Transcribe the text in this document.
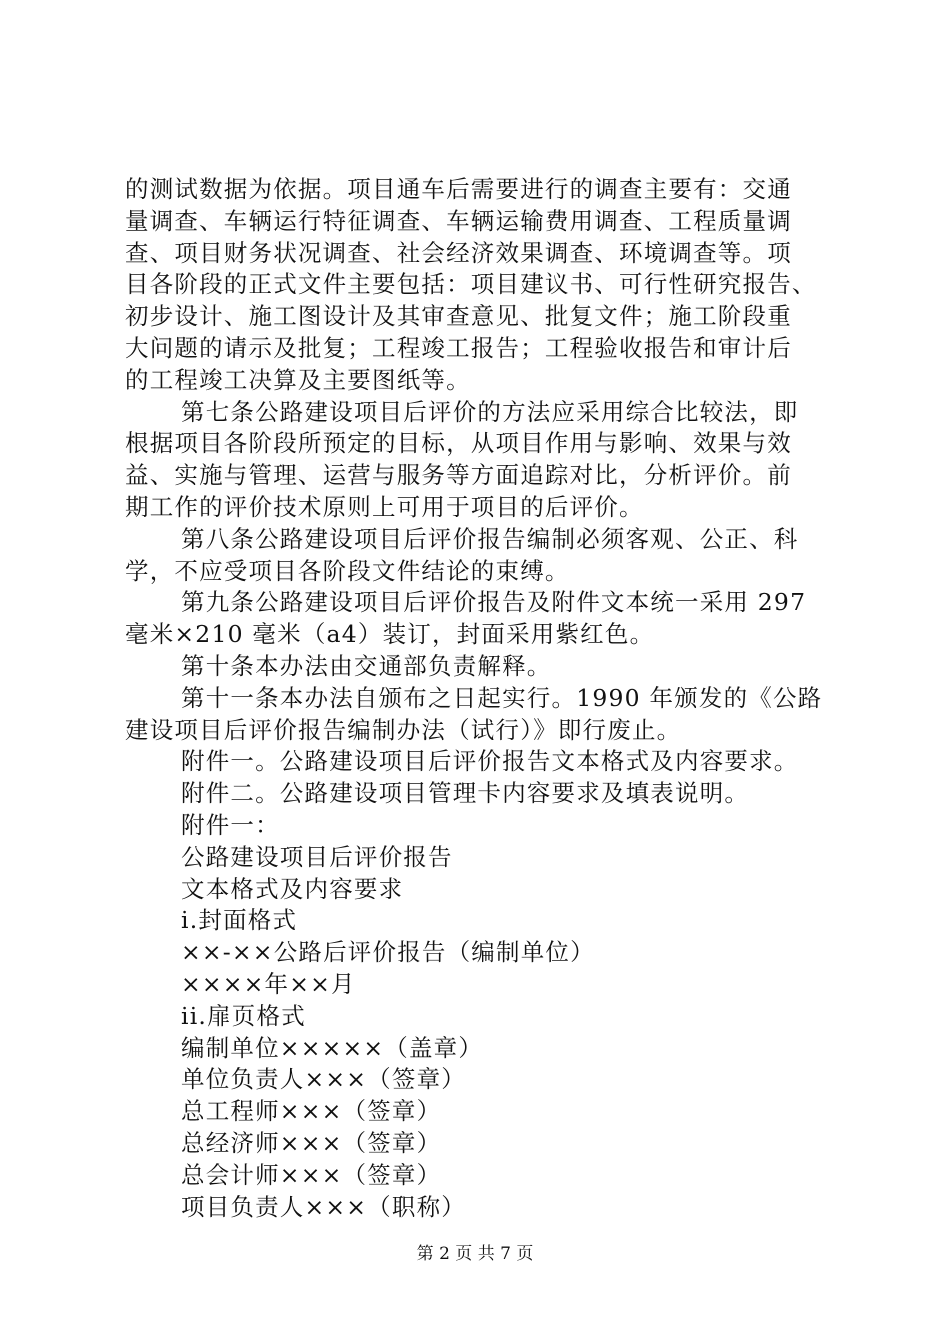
的测试数据为依据。项目通车后需要进行的调查主要有：交通
量调查、车辆运行特征调查、车辆运输费用调查、工程质量调
查、项目财务状况调查、社会经济效果调查、环境调查等。项
目各阶段的正式文件主要包括：项目建议书、可行性研究报告、
初步设计、施工图设计及其审查意见、批复文件；施工阶段重
大问题的请示及批复；工程竣工报告；工程验收报告和审计后
的工程竣工决算及主要图纸等。
第七条公路建设项目后评价的方法应采用综合比较法，即
根据项目各阶段所预定的目标，从项目作用与影响、效果与效
益、实施与管理、运营与服务等方面追踪对比，分析评价。前
期工作的评价技术原则上可用于项目的后评价。
第八条公路建设项目后评价报告编制必须客观、公正、科
学，不应受项目各阶段文件结论的束缚。
第九条公路建设项目后评价报告及附件文本统一采用 297
毫米×210 毫米（a4）装订，封面采用紫红色。
第十条本办法由交通部负责解释。
第十一条本办法自颁布之日起实行。1990 年颁发的《公路
建设项目后评价报告编制办法（试行）》即行废止。
附件一。公路建设项目后评价报告文本格式及内容要求。
附件二。公路建设项目管理卡内容要求及填表说明。
附件一：
公路建设项目后评价报告
文本格式及内容要求
i.封面格式
××-××公路后评价报告（编制单位）
××××年××月
ii.扉页格式
编制单位×××××（盖章）
单位负责人×××（签章）
总工程师×××（签章）
总经济师×××（签章）
总会计师×××（签章）
项目负责人×××（职称）
第 2 页 共 7 页
